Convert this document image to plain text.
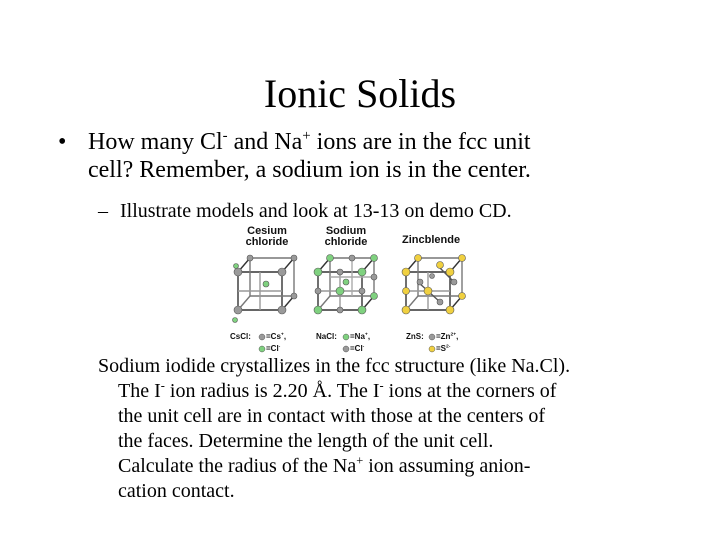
Ionic Solids
• How many Cl- and Na+ ions are in the fcc unit
cell? Remember, a sodium ion is in the center.
– Illustrate models and look at 13-13 on demo CD.
Cesium
chloride
Sodium
chloride	Zincblende
CsCl: =Cs+,
=Cl-
NaCl: =Na+,
=Cl-
ZnS: $=Zn^{2+}$,
$=S^{2-}$
Sodium iodide crystallizes in the fcc structure (like Na.Cl).
The I- ion radius is 2.20 Å. The I- ions at the corners of
the unit cell are in contact with those at the centers of
the faces. Determine the length of the unit cell.
Calculate the radius of the Na+ ion assuming anion-
cation contact.
